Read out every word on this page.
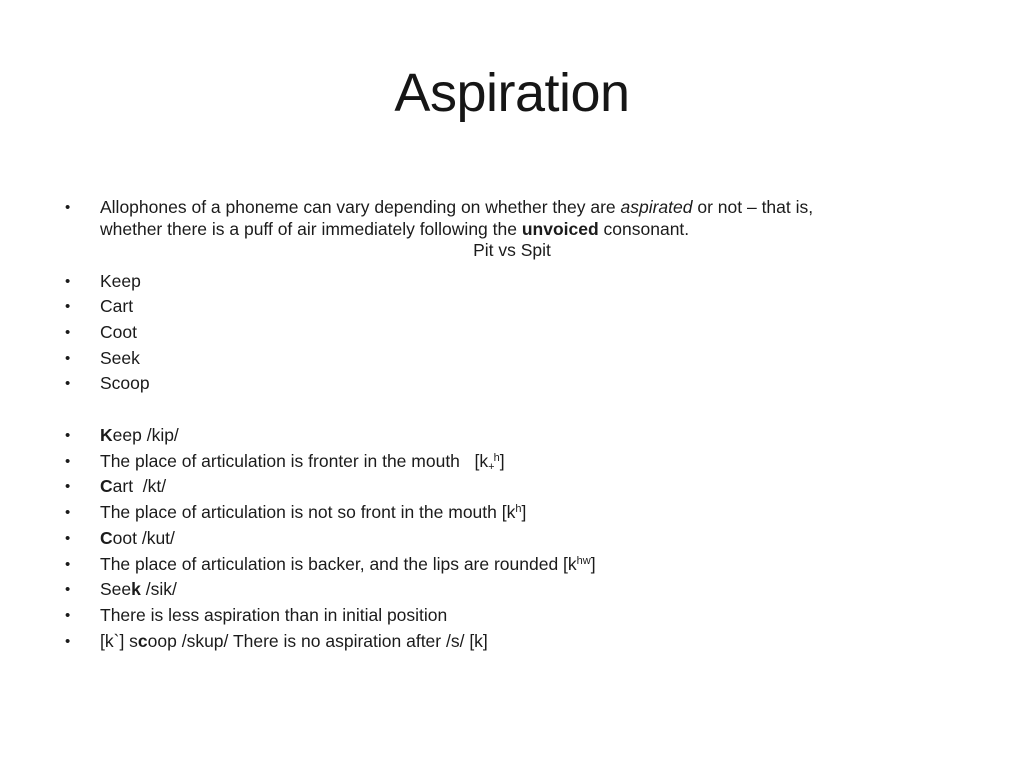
Aspiration
• Allophones of a phoneme can vary depending on whether they are aspirated or not – that is,
whether there is a puff of air immediately following the unvoiced consonant.
Pit vs Spit
• Keep
• Cart
• Coot
• Seek
• Scoop
• Keep /kip/
• The place of articulation is fronter in the mouth   $[k_+^h]$
• Cart  /kt/
• The place of articulation is not so front in the mouth $[k^h]$
• Coot /kut/
• The place of articulation is backer, and the lips are rounded $[k^{hw}]$
• Seek /sik/
• There is less aspiration than in initial position
• [k`] scoop /skup/ There is no aspiration after /s/ [k]
